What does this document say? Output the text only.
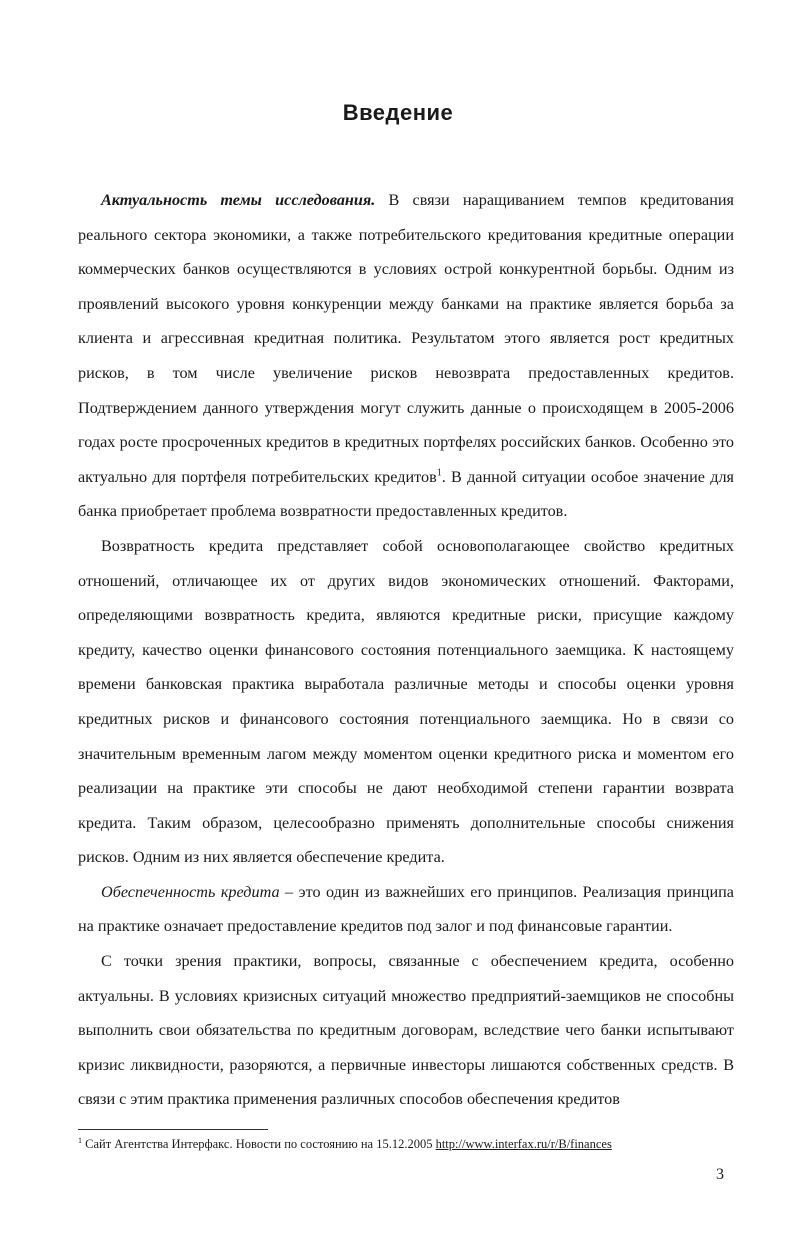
Введение

Актуальность темы исследования. В связи наращиванием темпов кредитования реального сектора экономики, а также потребительского кредитования кредитные операции коммерческих банков осуществляются в условиях острой конкурентной борьбы. Одним из проявлений высокого уровня конкуренции между банками на практике является борьба за клиента и агрессивная кредитная политика. Результатом этого является рост кредитных рисков, в том числе увеличение рисков невозврата предоставленных кредитов. Подтверждением данного утверждения могут служить данные о происходящем в 2005-2006 годах росте просроченных кредитов в кредитных портфелях российских банков. Особенно это актуально для портфеля потребительских кредитов$^1$. В данной ситуации особое значение для банка приобретает проблема возвратности предоставленных кредитов.

Возвратность кредита представляет собой основополагающее свойство кредитных отношений, отличающее их от других видов экономических отношений. Факторами, определяющими возвратность кредита, являются кредитные риски, присущие каждому кредиту, качество оценки финансового состояния потенциального заемщика. К настоящему времени банковская практика выработала различные методы и способы оценки уровня кредитных рисков и финансового состояния потенциального заемщика. Но в связи со значительным временным лагом между моментом оценки кредитного риска и моментом его реализации на практике эти способы не дают необходимой степени гарантии возврата кредита. Таким образом, целесообразно применять дополнительные способы снижения рисков. Одним из них является обеспечение кредита.

Обеспеченность кредита – это один из важнейших его принципов. Реализация принципа на практике означает предоставление кредитов под залог и под финансовые гарантии.

С точки зрения практики, вопросы, связанные с обеспечением кредита, особенно актуальны. В условиях кризисных ситуаций множество предприятий-заемщиков не способны выполнить свои обязательства по кредитным договорам, вследствие чего банки испытывают кризис ликвидности, разоряются, а первичные инвесторы лишаются собственных средств. В связи с этим практика применения различных способов обеспечения кредитов

$^1$ Сайт Агентства Интерфакс. Новости по состоянию на 15.12.2005 http://www.interfax.ru/r/B/finances
3
